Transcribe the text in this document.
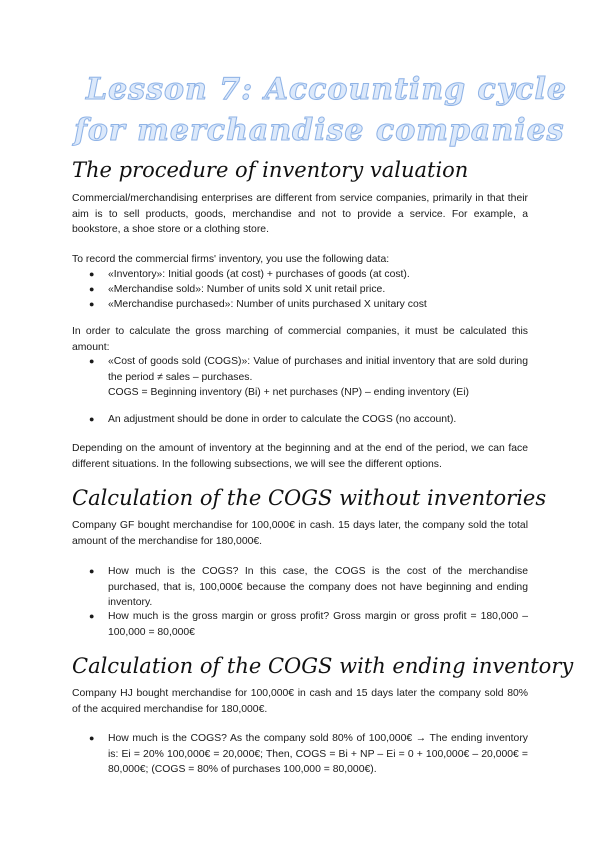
Lesson 7: Accounting cycle
for merchandise companies
The procedure of inventory valuation

Commercial/merchandising enterprises are different from service companies, primarily in that their aim is to sell products, goods, merchandise and not to provide a service. For example, a bookstore, a shoe store or a clothing store.

To record the commercial firms' inventory, you use the following data:

● «Inventory»: Initial goods (at cost) + purchases of goods (at cost).
● «Merchandise sold»: Number of units sold X unit retail price.
● «Merchandise purchased»: Number of units purchased X unitary cost

In order to calculate the gross marching of commercial companies, it must be calculated this amount:

● «Cost of goods sold (COGS)»: Value of purchases and initial inventory that are sold during the period ≠ sales – purchases.
COGS = Beginning inventory (Bi) + net purchases (NP) – ending inventory (Ei)
● An adjustment should be done in order to calculate the COGS (no account).

Depending on the amount of inventory at the beginning and at the end of the period, we can face different situations. In the following subsections, we will see the different options.

Calculation of the COGS without inventories

Company GF bought merchandise for 100,000€ in cash. 15 days later, the company sold the total amount of the merchandise for 180,000€.

● How much is the COGS? In this case, the COGS is the cost of the merchandise purchased, that is, 100,000€ because the company does not have beginning and ending inventory.
● How much is the gross margin or gross profit? Gross margin or gross profit = 180,000 – 100,000 = 80,000€
Calculation of the COGS with ending inventory

Company HJ bought merchandise for 100,000€ in cash and 15 days later the company sold 80% of the acquired merchandise for 180,000€.

● How much is the COGS? As the company sold 80% of 100,000€ → The ending inventory is: Ei = 20% 100,000€ = 20,000€; Then, COGS = Bi + NP – Ei = 0 + 100,000€ – 20,000€ = 80,000€; (COGS = 80% of purchases 100,000 = 80,000€).
